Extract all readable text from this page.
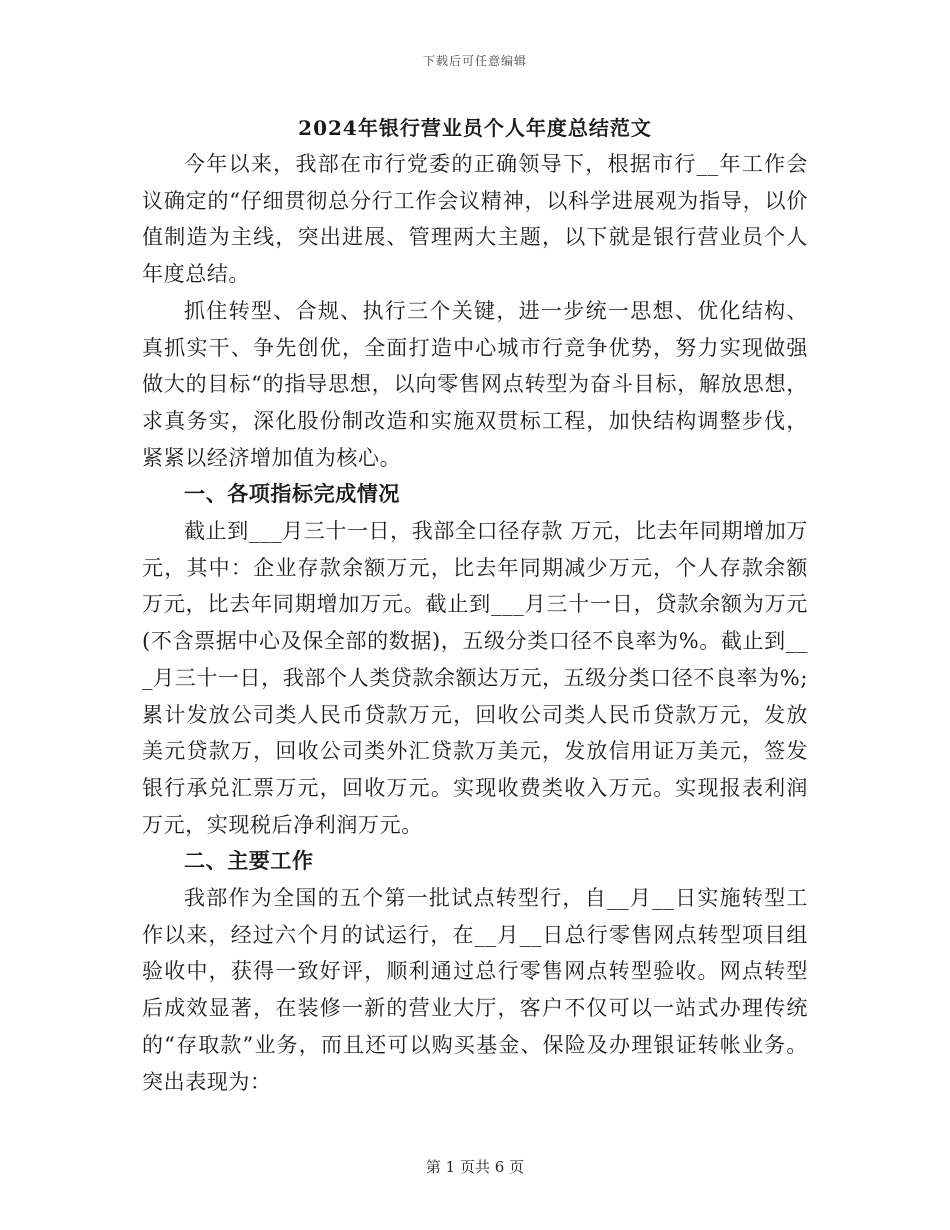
下载后可任意编辑
2024年银行营业员个人年度总结范文

今年以来，我部在市行党委的正确领导下，根据市行__年工作会议确定的“仔细贯彻总分行工作会议精神，以科学进展观为指导，以价值制造为主线，突出进展、管理两大主题，以下就是银行营业员个人年度总结。

抓住转型、合规、执行三个关键，进一步统一思想、优化结构、真抓实干、争先创优，全面打造中心城市行竞争优势，努力实现做强做大的目标“的指导思想，以向零售网点转型为奋斗目标，解放思想，求真务实，深化股份制改造和实施双贯标工程，加快结构调整步伐，紧紧以经济增加值为核心。

一、各项指标完成情况

截止到___月三十一日，我部全口径存款 万元，比去年同期增加万元，其中：企业存款余额万元，比去年同期减少万元，个人存款余额万元，比去年同期增加万元。截止到___月三十一日，贷款余额为万元(不含票据中心及保全部的数据)，五级分类口径不良率为%。截止到___月三十一日，我部个人类贷款余额达万元，五级分类口径不良率为%;累计发放公司类人民币贷款万元，回收公司类人民币贷款万元，发放美元贷款万，回收公司类外汇贷款万美元，发放信用证万美元，签发银行承兑汇票万元，回收万元。实现收费类收入万元。实现报表利润万元，实现税后净利润万元。

二、主要工作

我部作为全国的五个第一批试点转型行，自__月__日实施转型工作以来，经过六个月的试运行，在__月__日总行零售网点转型项目组验收中，获得一致好评，顺利通过总行零售网点转型验收。网点转型后成效显著，在装修一新的营业大厅，客户不仅可以一站式办理传统的“存取款”业务，而且还可以购买基金、保险及办理银证转帐业务。突出表现为：

第 1 页共 6 页
